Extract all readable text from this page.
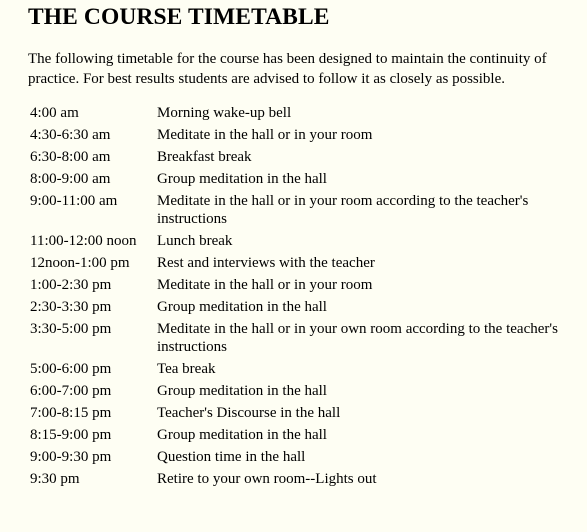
THE COURSE TIMETABLE

The following timetable for the course has been designed to maintain the continuity of practice. For best results students are advised to follow it as closely as possible.

4:00 am	Morning wake-up bell
4:30-6:30 am	Meditate in the hall or in your room
6:30-8:00 am	Breakfast break
8:00-9:00 am	Group meditation in the hall
9:00-11:00 am	Meditate in the hall or in your room according to the teacher's instructions
11:00-12:00 noon	Lunch break
12noon-1:00 pm	Rest and interviews with the teacher
1:00-2:30 pm	Meditate in the hall or in your room
2:30-3:30 pm	Group meditation in the hall
3:30-5:00 pm	Meditate in the hall or in your own room according to the teacher's instructions
5:00-6:00 pm	Tea break
6:00-7:00 pm	Group meditation in the hall
7:00-8:15 pm	Teacher's Discourse in the hall
8:15-9:00 pm	Group meditation in the hall
9:00-9:30 pm	Question time in the hall
9:30 pm	Retire to your own room--Lights out
